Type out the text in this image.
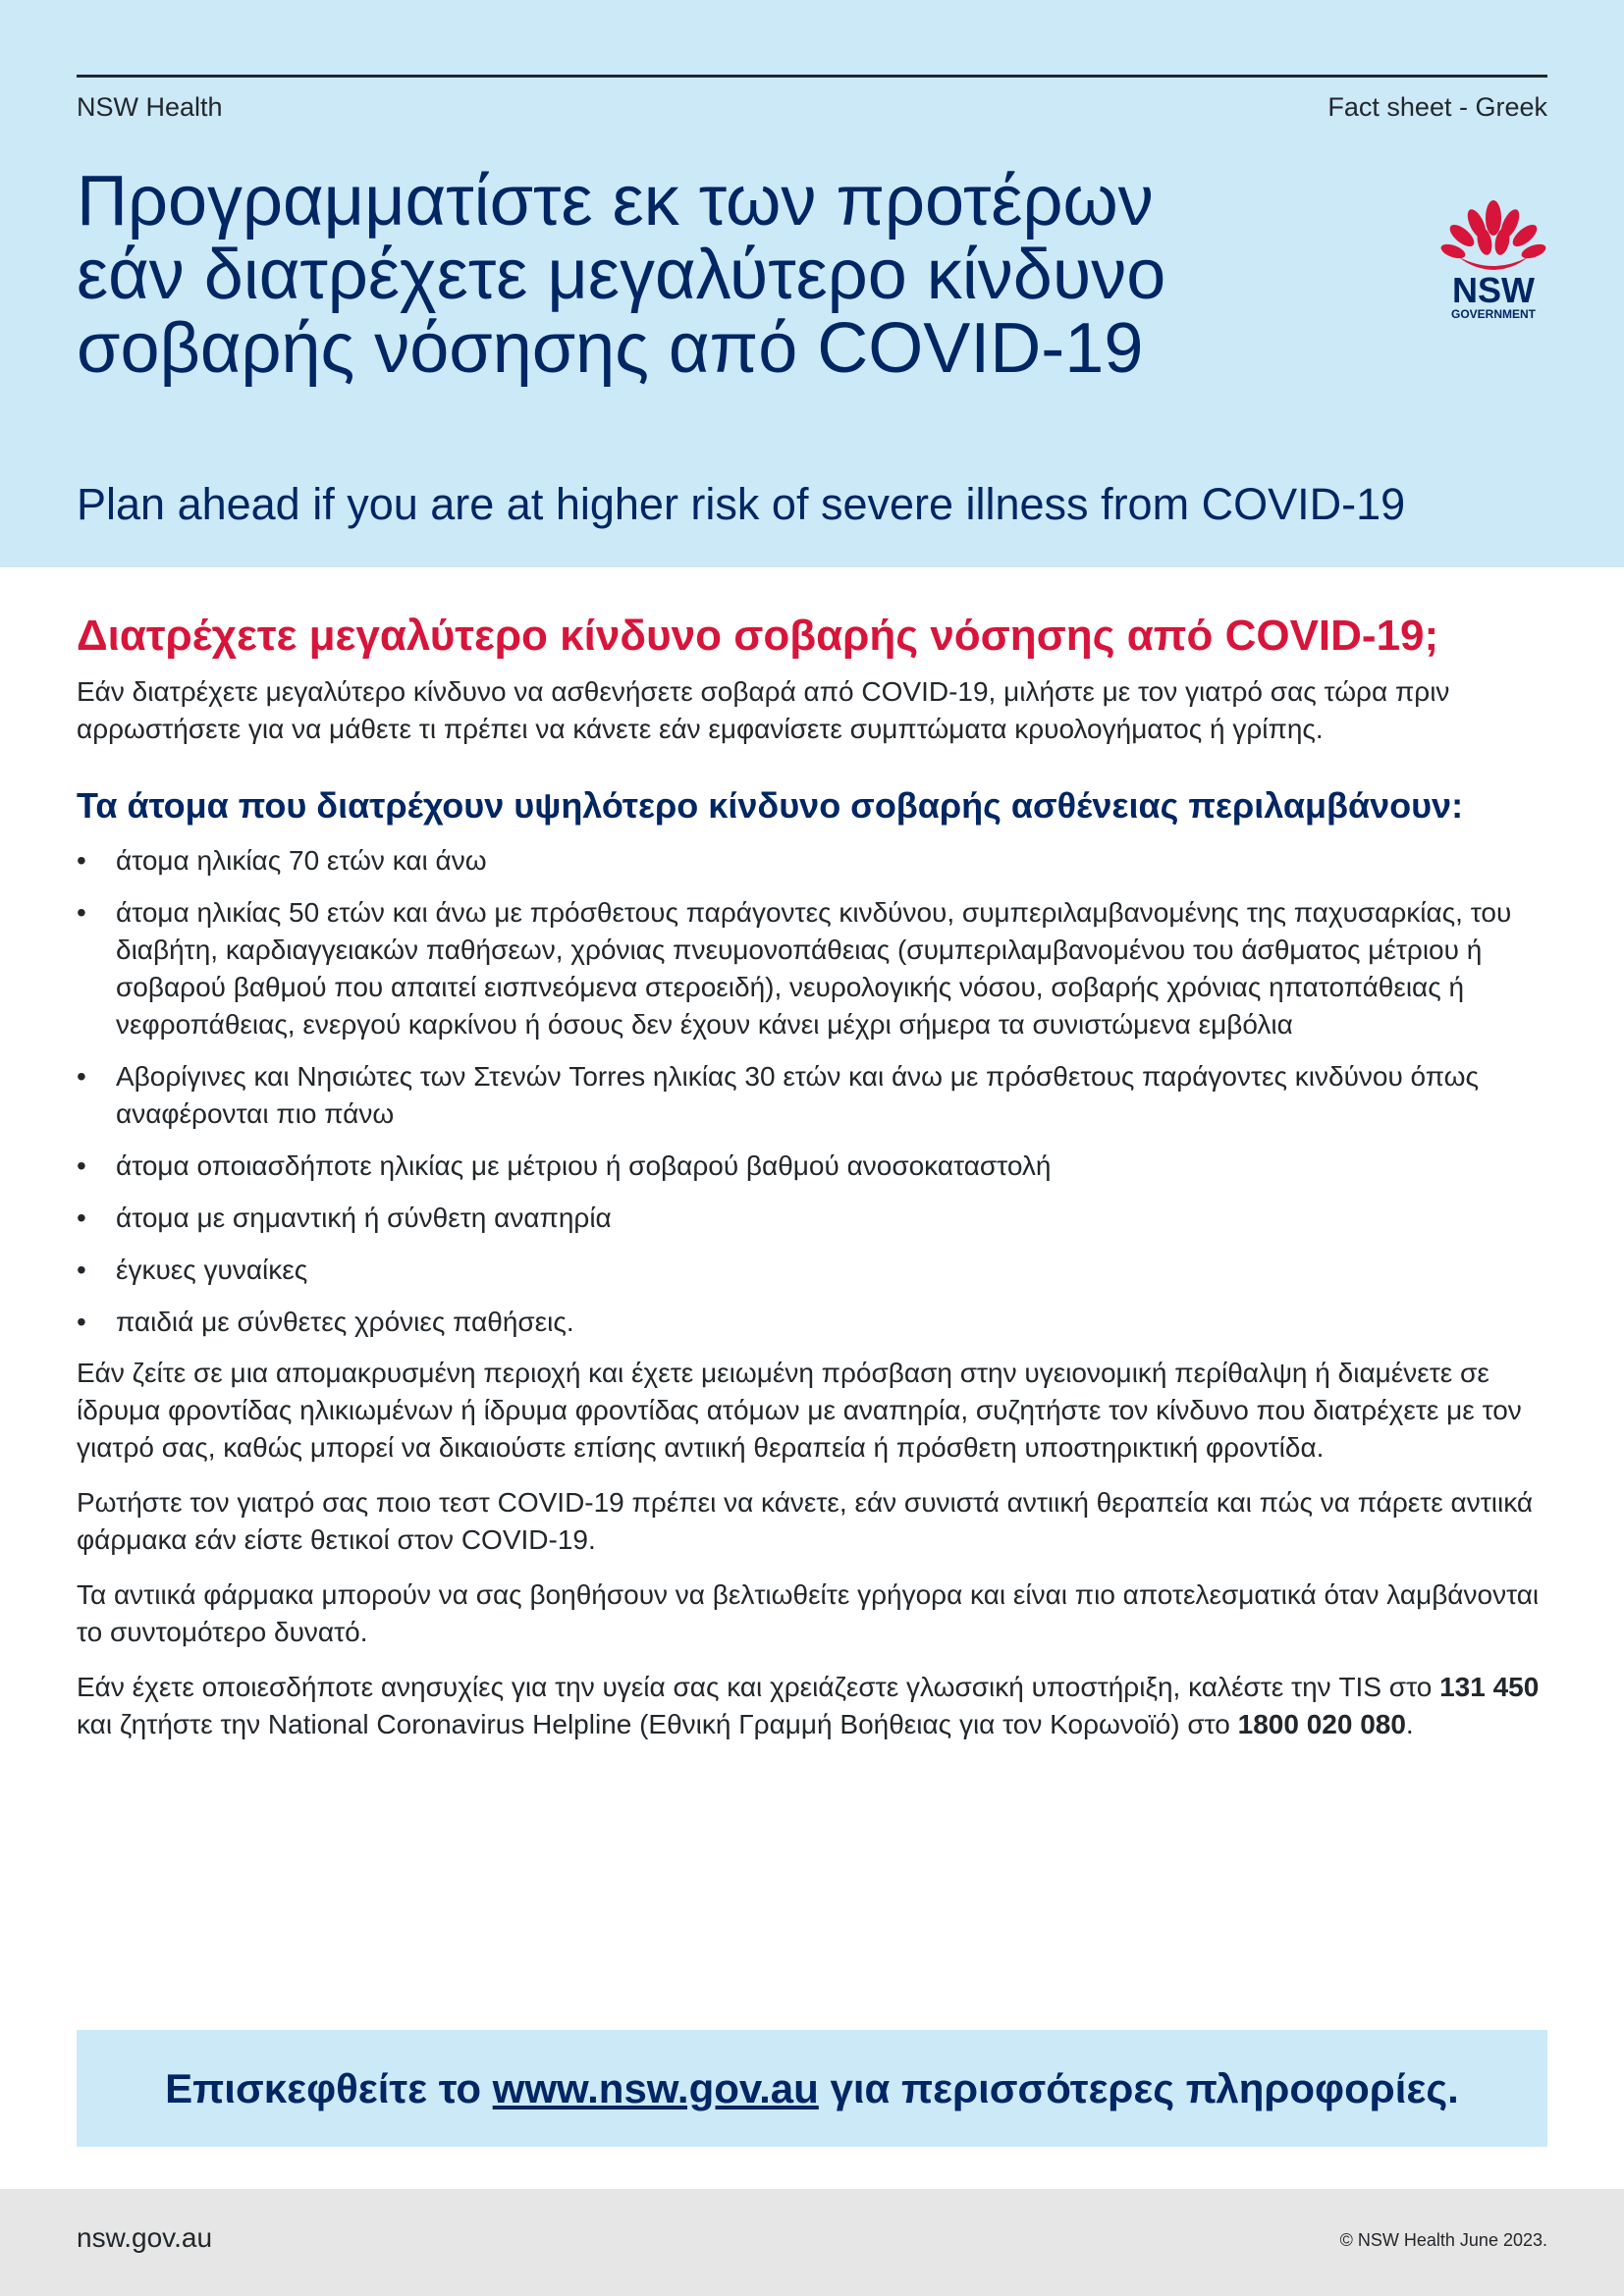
NSW Health	Fact sheet - Greek
Προγραμματίστε εκ των προτέρων
εάν διατρέχετε μεγαλύτερο κίνδυνο
σοβαρής νόσησης από COVID-19
Plan ahead if you are at higher risk of severe illness from COVID-19
NSW
GOVERNMENT
Διατρέχετε μεγαλύτερο κίνδυνο σοβαρής νόσησης από COVID-19;

Εάν διατρέχετε μεγαλύτερο κίνδυνο να ασθενήσετε σοβαρά από COVID-19, μιλήστε με τον γιατρό σας τώρα πριν αρρωστήσετε για να μάθετε τι πρέπει να κάνετε εάν εμφανίσετε συμπτώματα κρυολογήματος ή γρίπης.

Τα άτομα που διατρέχουν υψηλότερο κίνδυνο σοβαρής ασθένειας περιλαμβάνουν:
•	άτομα ηλικίας 70 ετών και άνω
•	άτομα ηλικίας 50 ετών και άνω με πρόσθετους παράγοντες κινδύνου, συμπεριλαμβανομένης της παχυσαρκίας, του διαβήτη, καρδιαγγειακών παθήσεων, χρόνιας πνευμονοπάθειας (συμπεριλαμβανομένου του άσθματος μέτριου ή σοβαρού βαθμού που απαιτεί εισπνεόμενα στεροειδή), νευρολογικής νόσου, σοβαρής χρόνιας ηπατοπάθειας ή νεφροπάθειας, ενεργού καρκίνου ή όσους δεν έχουν κάνει μέχρι σήμερα τα συνιστώμενα εμβόλια
•	Αβορίγινες και Νησιώτες των Στενών Torres ηλικίας 30 ετών και άνω με πρόσθετους παράγοντες κινδύνου όπως αναφέρονται πιο πάνω
•	άτομα οποιασδήποτε ηλικίας με μέτριου ή σοβαρού βαθμού ανοσοκαταστολή
•	άτομα με σημαντική ή σύνθετη αναπηρία
•	έγκυες γυναίκες
•	παιδιά με σύνθετες χρόνιες παθήσεις.

Εάν ζείτε σε μια απομακρυσμένη περιοχή και έχετε μειωμένη πρόσβαση στην υγειονομική περίθαλψη ή διαμένετε σε ίδρυμα φροντίδας ηλικιωμένων ή ίδρυμα φροντίδας ατόμων με αναπηρία, συζητήστε τον κίνδυνο που διατρέχετε με τον γιατρό σας, καθώς μπορεί να δικαιούστε επίσης αντιική θεραπεία ή πρόσθετη υποστηρικτική φροντίδα.

Ρωτήστε τον γιατρό σας ποιο τεστ COVID-19 πρέπει να κάνετε, εάν συνιστά αντιική θεραπεία και πώς να πάρετε αντιικά φάρμακα εάν είστε θετικοί στον COVID-19.

Τα αντιικά φάρμακα μπορούν να σας βοηθήσουν να βελτιωθείτε γρήγορα και είναι πιο αποτελεσματικά όταν λαμβάνονται το συντομότερο δυνατό.

Εάν έχετε οποιεσδήποτε ανησυχίες για την υγεία σας και χρειάζεστε γλωσσική υποστήριξη, καλέστε την TIS στο 131 450 και ζητήστε την National Coronavirus Helpline (Εθνική Γραμμή Βοήθειας για τον Κορωνοϊό) στο 1800 020 080.

Επισκεφθείτε το www.nsw.gov.au για περισσότερες πληροφορίες.
nsw.gov.au	© NSW Health June 2023.
